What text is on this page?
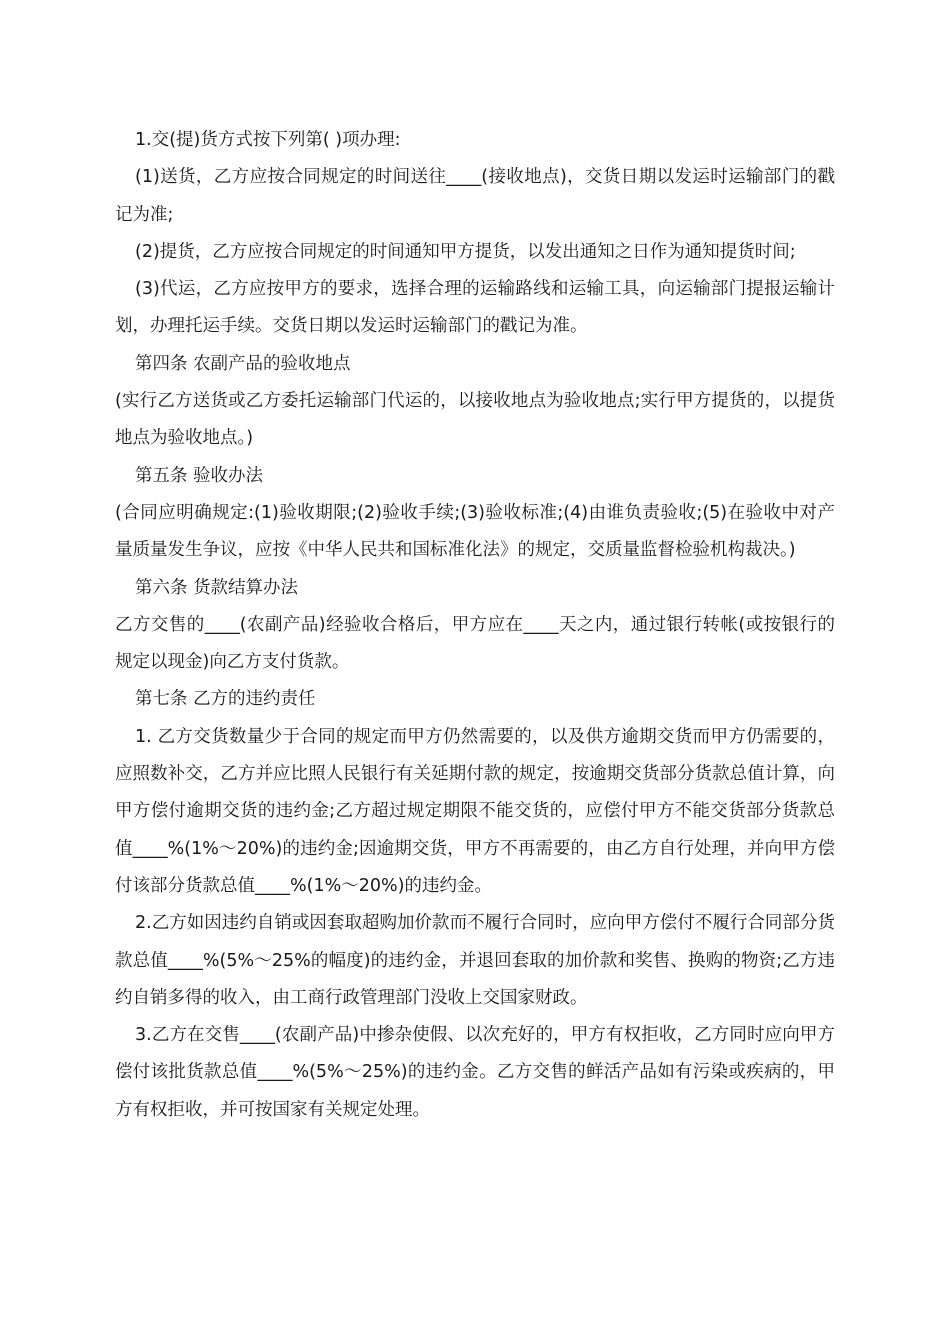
1.交(提)货方式按下列第( )项办理:

(1)送货，乙方应按合同规定的时间送往____(接收地点)，交货日期以发运时运输部门的戳记为准;

(2)提货，乙方应按合同规定的时间通知甲方提货，以发出通知之日作为通知提货时间;

(3)代运，乙方应按甲方的要求，选择合理的运输路线和运输工具，向运输部门提报运输计划，办理托运手续。交货日期以发运时运输部门的戳记为准。

第四条 农副产品的验收地点

(实行乙方送货或乙方委托运输部门代运的，以接收地点为验收地点;实行甲方提货的，以提货地点为验收地点。)

第五条 验收办法

(合同应明确规定:(1)验收期限;(2)验收手续;(3)验收标准;(4)由谁负责验收;(5)在验收中对产量质量发生争议，应按《中华人民共和国标准化法》的规定，交质量监督检验机构裁决。)

第六条 货款结算办法

乙方交售的____(农副产品)经验收合格后，甲方应在____天之内，通过银行转帐(或按银行的规定以现金)向乙方支付货款。

第七条 乙方的违约责任

1. 乙方交货数量少于合同的规定而甲方仍然需要的，以及供方逾期交货而甲方仍需要的，应照数补交，乙方并应比照人民银行有关延期付款的规定，按逾期交货部分货款总值计算，向甲方偿付逾期交货的违约金;乙方超过规定期限不能交货的，应偿付甲方不能交货部分货款总值____%(1%～20%)的违约金;因逾期交货，甲方不再需要的，由乙方自行处理，并向甲方偿付该部分货款总值____%(1%～20%)的违约金。

2.乙方如因违约自销或因套取超购加价款而不履行合同时，应向甲方偿付不履行合同部分货款总值____%(5%～25%的幅度)的违约金，并退回套取的加价款和奖售、换购的物资;乙方违约自销多得的收入，由工商行政管理部门没收上交国家财政。

3.乙方在交售____(农副产品)中掺杂使假、以次充好的，甲方有权拒收，乙方同时应向甲方偿付该批货款总值____%(5%～25%)的违约金。乙方交售的鲜活产品如有污染或疾病的，甲方有权拒收，并可按国家有关规定处理。
